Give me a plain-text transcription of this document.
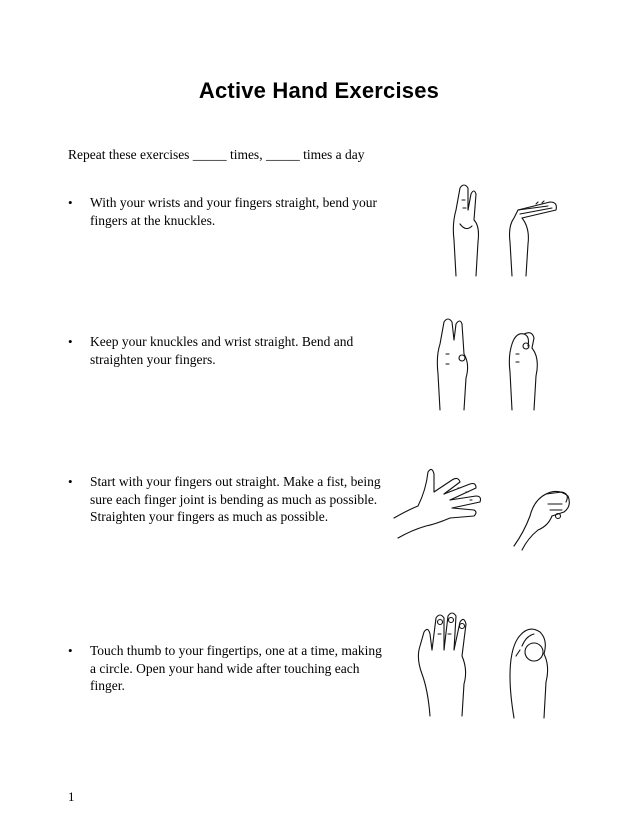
Active Hand Exercises
Repeat these exercises _____ times, _____ times a day
• With your wrists and your fingers straight, bend your fingers at the knuckles.
• Keep your knuckles and wrist straight. Bend and straighten your fingers.
• Start with your fingers out straight. Make a fist, being sure each finger joint is bending as much as possible. Straighten your fingers as much as possible.
• Touch thumb to your fingertips, one at a time, making a circle. Open your hand wide after touching each finger.
1
